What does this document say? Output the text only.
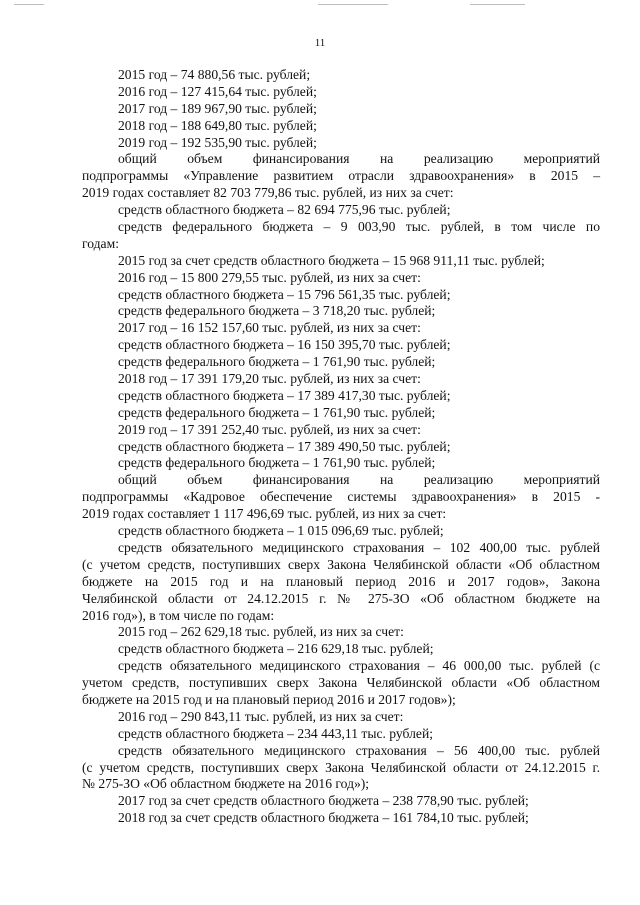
11
2015 год – 74 880,56 тыс. рублей;
2016 год – 127 415,64 тыс. рублей;
2017 год – 189 967,90 тыс. рублей;
2018 год – 188 649,80 тыс. рублей;
2019 год – 192 535,90 тыс. рублей;
общий объем финансирования на реализацию мероприятий
подпрограммы «Управление развитием отрасли здравоохранения» в 2015 –
2019 годах составляет 82 703 779,86 тыс. рублей, из них за счет:
средств областного бюджета – 82 694 775,96 тыс. рублей;
средств федерального бюджета – 9 003,90 тыс. рублей, в том числе по
годам:
2015 год за счет средств областного бюджета – 15 968 911,11 тыс. рублей;
2016 год – 15 800 279,55 тыс. рублей, из них за счет:
средств областного бюджета – 15 796 561,35 тыс. рублей;
средств федерального бюджета – 3 718,20 тыс. рублей;
2017 год – 16 152 157,60 тыс. рублей, из них за счет:
средств областного бюджета – 16 150 395,70 тыс. рублей;
средств федерального бюджета – 1 761,90 тыс. рублей;
2018 год – 17 391 179,20 тыс. рублей, из них за счет:
средств областного бюджета – 17 389 417,30 тыс. рублей;
средств федерального бюджета – 1 761,90 тыс. рублей;
2019 год – 17 391 252,40 тыс. рублей, из них за счет:
средств областного бюджета – 17 389 490,50 тыс. рублей;
средств федерального бюджета – 1 761,90 тыс. рублей;
общий объем финансирования на реализацию мероприятий
подпрограммы «Кадровое обеспечение системы здравоохранения» в 2015 -
2019 годах составляет 1 117 496,69 тыс. рублей, из них за счет:
средств областного бюджета – 1 015 096,69 тыс. рублей;
средств обязательного медицинского страхования – 102 400,00 тыс. рублей
(с учетом средств, поступивших сверх Закона Челябинской области «Об областном
бюджете на 2015 год и на плановый период 2016 и 2017 годов», Закона
Челябинской области от 24.12.2015 г. № 275-ЗО «Об областном бюджете на
2016 год»), в том числе по годам:
2015 год – 262 629,18 тыс. рублей, из них за счет:
средств областного бюджета – 216 629,18 тыс. рублей;
средств обязательного медицинского страхования – 46 000,00 тыс. рублей (с
учетом средств, поступивших сверх Закона Челябинской области «Об областном
бюджете на 2015 год и на плановый период 2016 и 2017 годов»);
2016 год – 290 843,11 тыс. рублей, из них за счет:
средств областного бюджета – 234 443,11 тыс. рублей;
средств обязательного медицинского страхования – 56 400,00 тыс. рублей
(с учетом средств, поступивших сверх Закона Челябинской области от 24.12.2015 г.
№ 275-ЗО «Об областном бюджете на 2016 год»);
2017 год за счет средств областного бюджета – 238 778,90 тыс. рублей;
2018 год за счет средств областного бюджета – 161 784,10 тыс. рублей;
